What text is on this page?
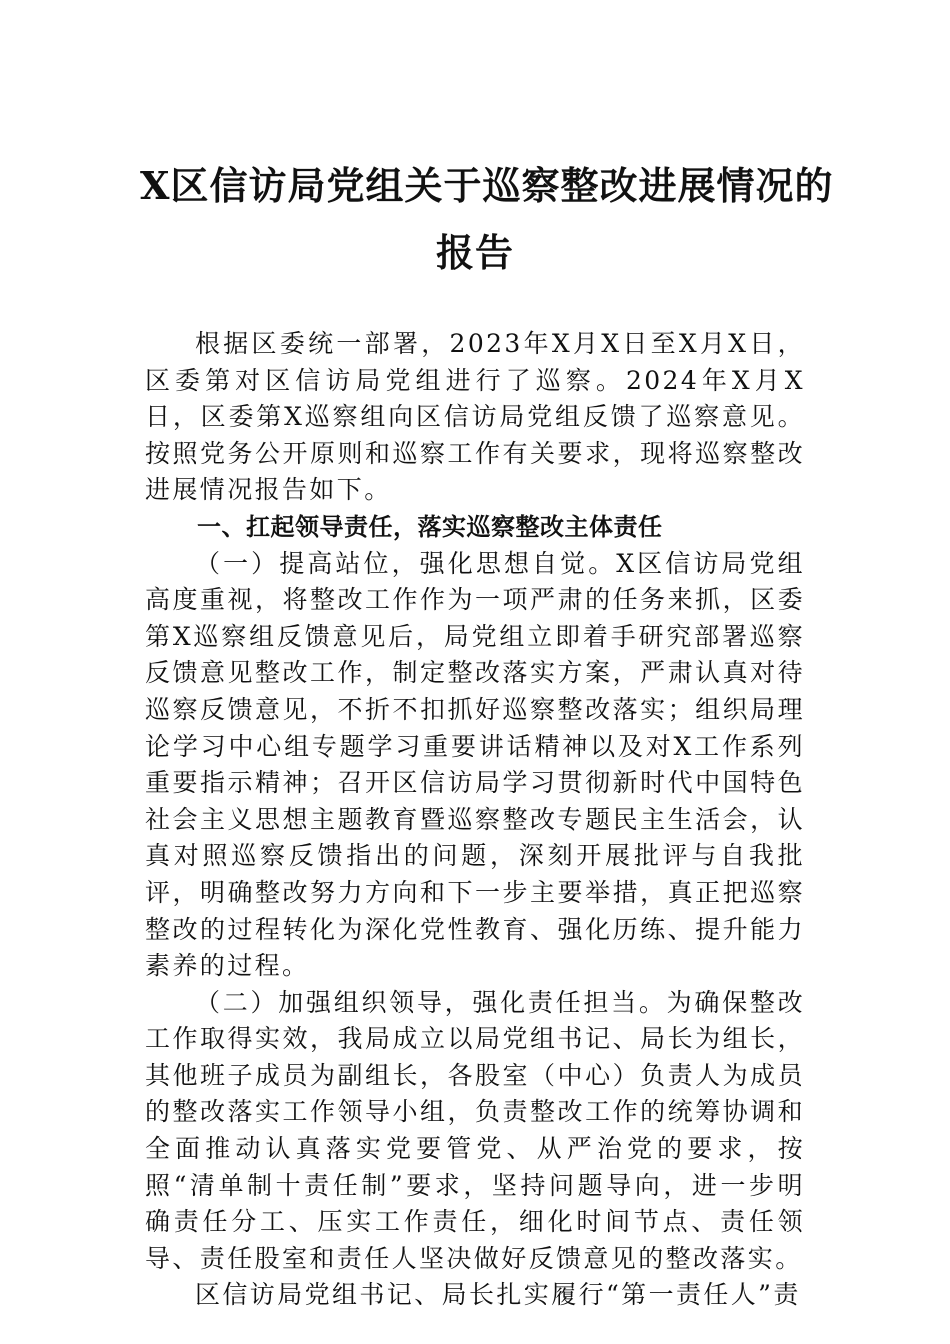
X区信访局党组关于巡察整改进展情况的
报告

根据区委统一部署，2023年X月X日至X月X日，区委第对区信访局党组进行了巡察。2024年X月X日，区委第X巡察组向区信访局党组反馈了巡察意见。按照党务公开原则和巡察工作有关要求，现将巡察整改进展情况报告如下。

一、扛起领导责任，落实巡察整改主体责任

（一）提高站位，强化思想自觉。X区信访局党组高度重视，将整改工作作为一项严肃的任务来抓，区委第X巡察组反馈意见后，局党组立即着手研究部署巡察反馈意见整改工作，制定整改落实方案，严肃认真对待巡察反馈意见，不折不扣抓好巡察整改落实；组织局理论学习中心组专题学习重要讲话精神以及对X工作系列重要指示精神；召开区信访局学习贯彻新时代中国特色社会主义思想主题教育暨巡察整改专题民主生活会，认真对照巡察反馈指出的问题，深刻开展批评与自我批评，明确整改努力方向和下一步主要举措，真正把巡察整改的过程转化为深化党性教育、强化历练、提升能力素养的过程。

（二）加强组织领导，强化责任担当。为确保整改工作取得实效，我局成立以局党组书记、局长为组长，其他班子成员为副组长，各股室（中心）负责人为成员的整改落实工作领导小组，负责整改工作的统筹协调和全面推动认真落实党要管党、从严治党的要求，按照“清单制十责任制”要求，坚持问题导向，进一步明确责任分工、压实工作责任，细化时间节点、责任领导、责任股室和责任人坚决做好反馈意见的整改落实。

区信访局党组书记、局长扎实履行“第一责任人”责
